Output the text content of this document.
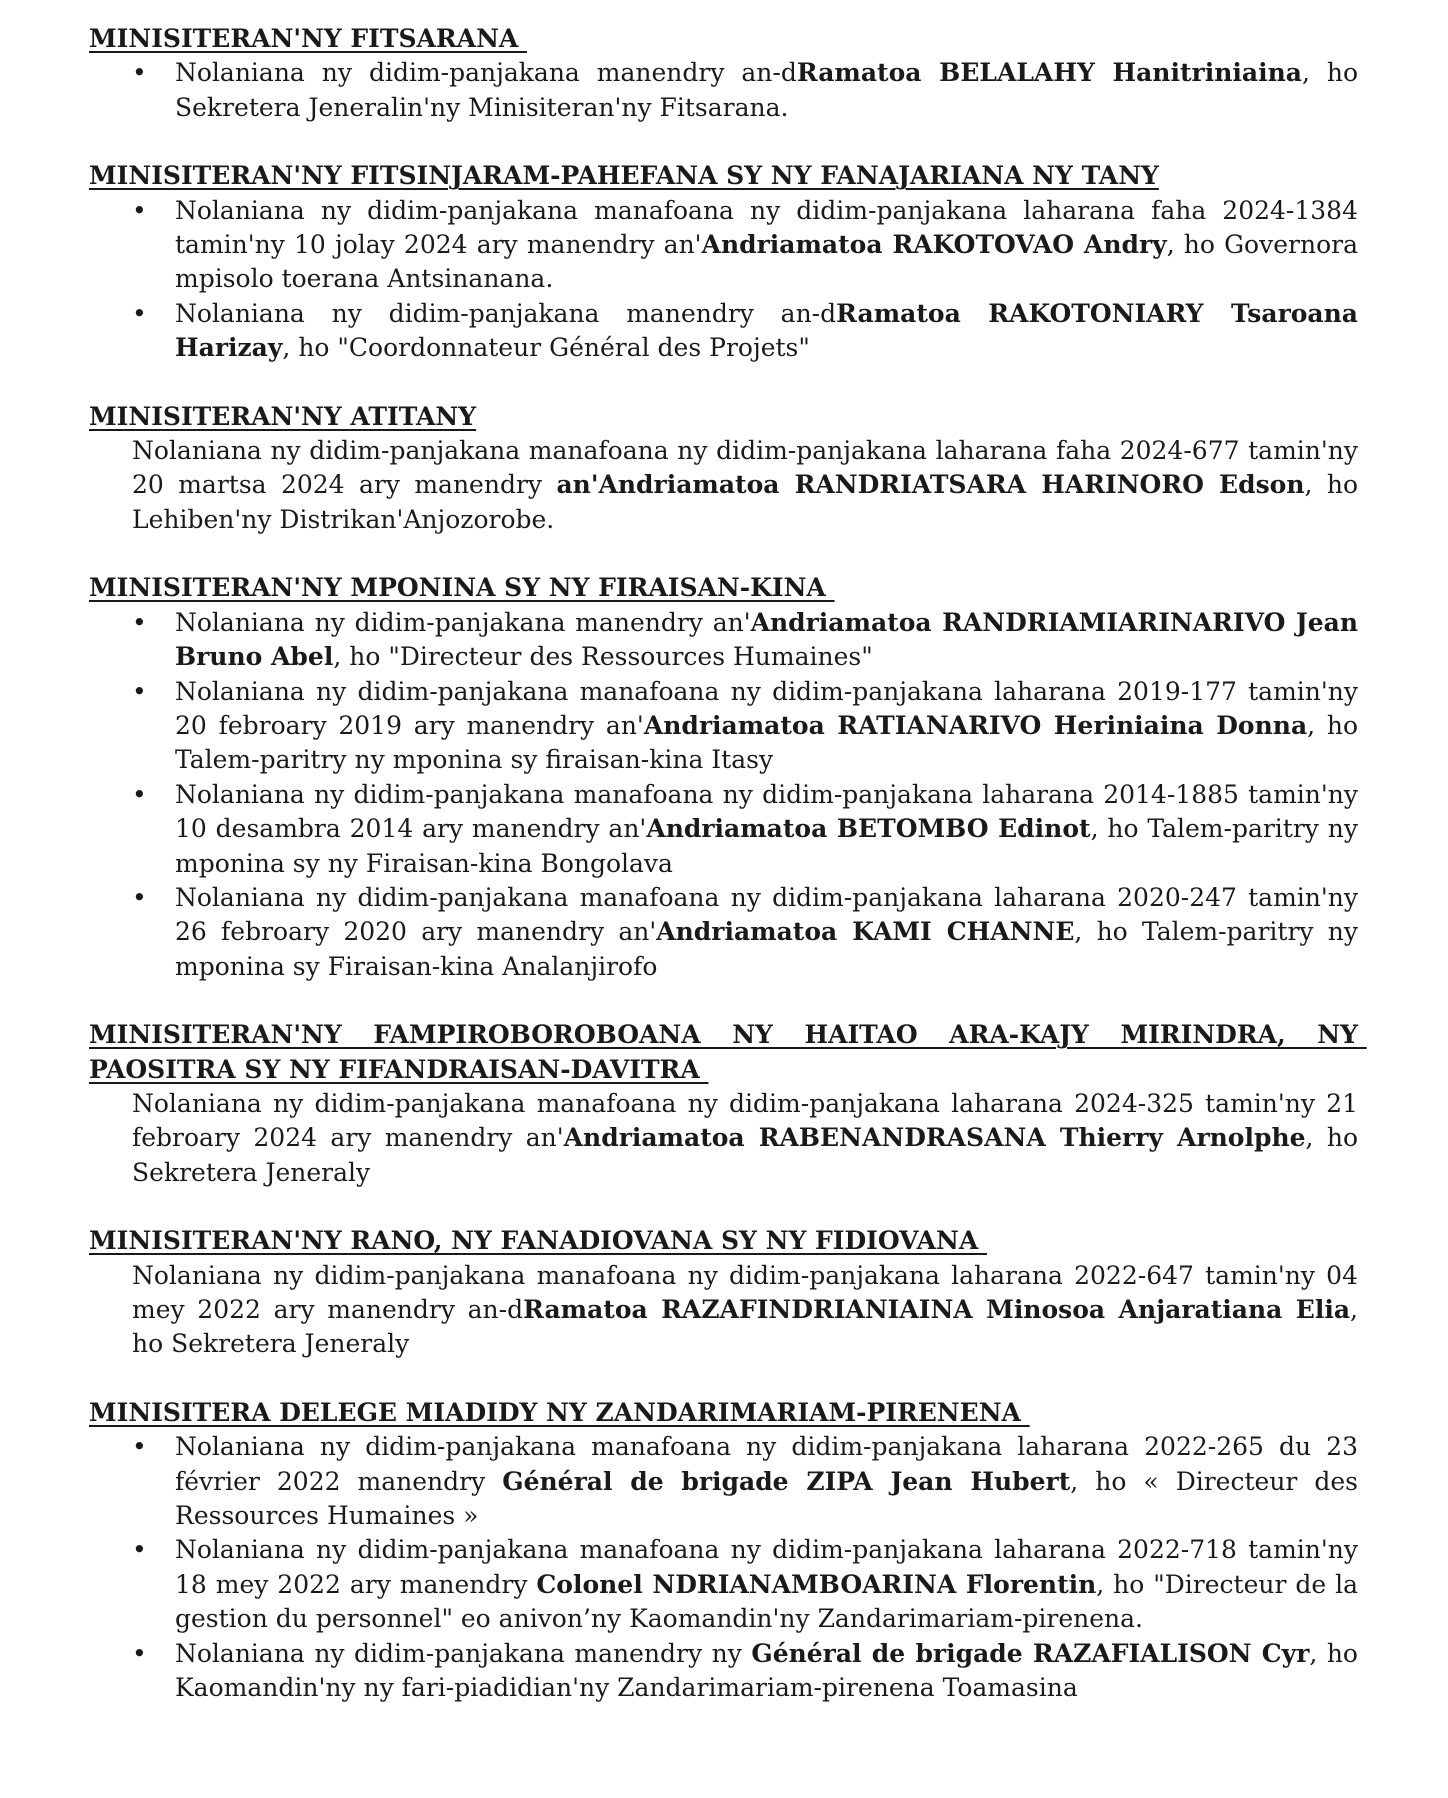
MINISITERAN'NY FITSARANA
• Nolaniana ny didim-panjakana manendry an-dRamatoa BELALAHY Hanitriniaina, ho Sekretera Jeneralin'ny Minisiteran'ny Fitsarana.
MINISITERAN'NY FITSINJARAM-PAHEFANA SY NY FANAJARIANA NY TANY
• Nolaniana ny didim-panjakana manafoana ny didim-panjakana laharana faha 2024-1384 tamin'ny 10 jolay 2024 ary manendry an'Andriamatoa RAKOTOVAO Andry, ho Governora mpisolo toerana Antsinanana.
• Nolaniana ny didim-panjakana manendry an-dRamatoa RAKOTONIARY Tsaroana Harizay, ho "Coordonnateur Général des Projets"
MINISITERAN'NY ATITANY
Nolaniana ny didim-panjakana manafoana ny didim-panjakana laharana faha 2024-677 tamin'ny 20 martsa 2024 ary manendry an'Andriamatoa RANDRIATSARA HARINORO Edson, ho Lehiben'ny Distrikan'Anjozorobe.
MINISITERAN'NY MPONINA SY NY FIRAISAN-KINA
• Nolaniana ny didim-panjakana manendry an'Andriamatoa RANDRIAMIARINARIVO Jean Bruno Abel, ho "Directeur des Ressources Humaines"
• Nolaniana ny didim-panjakana manafoana ny didim-panjakana laharana 2019-177 tamin'ny 20 febroary 2019 ary manendry an'Andriamatoa RATIANARIVO Heriniaina Donna, ho Talem-paritry ny mponina sy firaisan-kina Itasy
• Nolaniana ny didim-panjakana manafoana ny didim-panjakana laharana 2014-1885 tamin'ny 10 desambra 2014 ary manendry an'Andriamatoa BETOMBO Edinot, ho Talem-paritry ny mponina sy ny Firaisan-kina Bongolava
• Nolaniana ny didim-panjakana manafoana ny didim-panjakana laharana 2020-247 tamin'ny 26 febroary 2020 ary manendry an'Andriamatoa KAMI CHANNE, ho Talem-paritry ny mponina sy Firaisan-kina Analanjirofo
MINISITERAN'NY FAMPIROBOROBOANA NY HAITAO ARA-KAJY MIRINDRA, NY PAOSITRA SY NY FIFANDRAISAN-DAVITRA
Nolaniana ny didim-panjakana manafoana ny didim-panjakana laharana 2024-325 tamin'ny 21 febroary 2024 ary manendry an'Andriamatoa RABENANDRASANA Thierry Arnolphe, ho Sekretera Jeneraly
MINISITERAN'NY RANO, NY FANADIOVANA SY NY FIDIOVANA
Nolaniana ny didim-panjakana manafoana ny didim-panjakana laharana 2022-647 tamin'ny 04 mey 2022 ary manendry an-dRamatoa RAZAFINDRIANIAINA Minosoa Anjaratiana Elia, ho Sekretera Jeneraly
MINISITERA DELEGE MIADIDY NY ZANDARIMARIAM-PIRENENA
• Nolaniana ny didim-panjakana manafoana ny didim-panjakana laharana 2022-265 du 23 février 2022 manendry Général de brigade ZIPA Jean Hubert, ho « Directeur des Ressources Humaines »
• Nolaniana ny didim-panjakana manafoana ny didim-panjakana laharana 2022-718 tamin'ny 18 mey 2022 ary manendry Colonel NDRIANAMBOARINA Florentin, ho "Directeur de la gestion du personnel" eo anivon’ny Kaomandin'ny Zandarimariam-pirenena.
• Nolaniana ny didim-panjakana manendry ny Général de brigade RAZAFIALISON Cyr, ho Kaomandin'ny ny fari-piadidian'ny Zandarimariam-pirenena Toamasina
